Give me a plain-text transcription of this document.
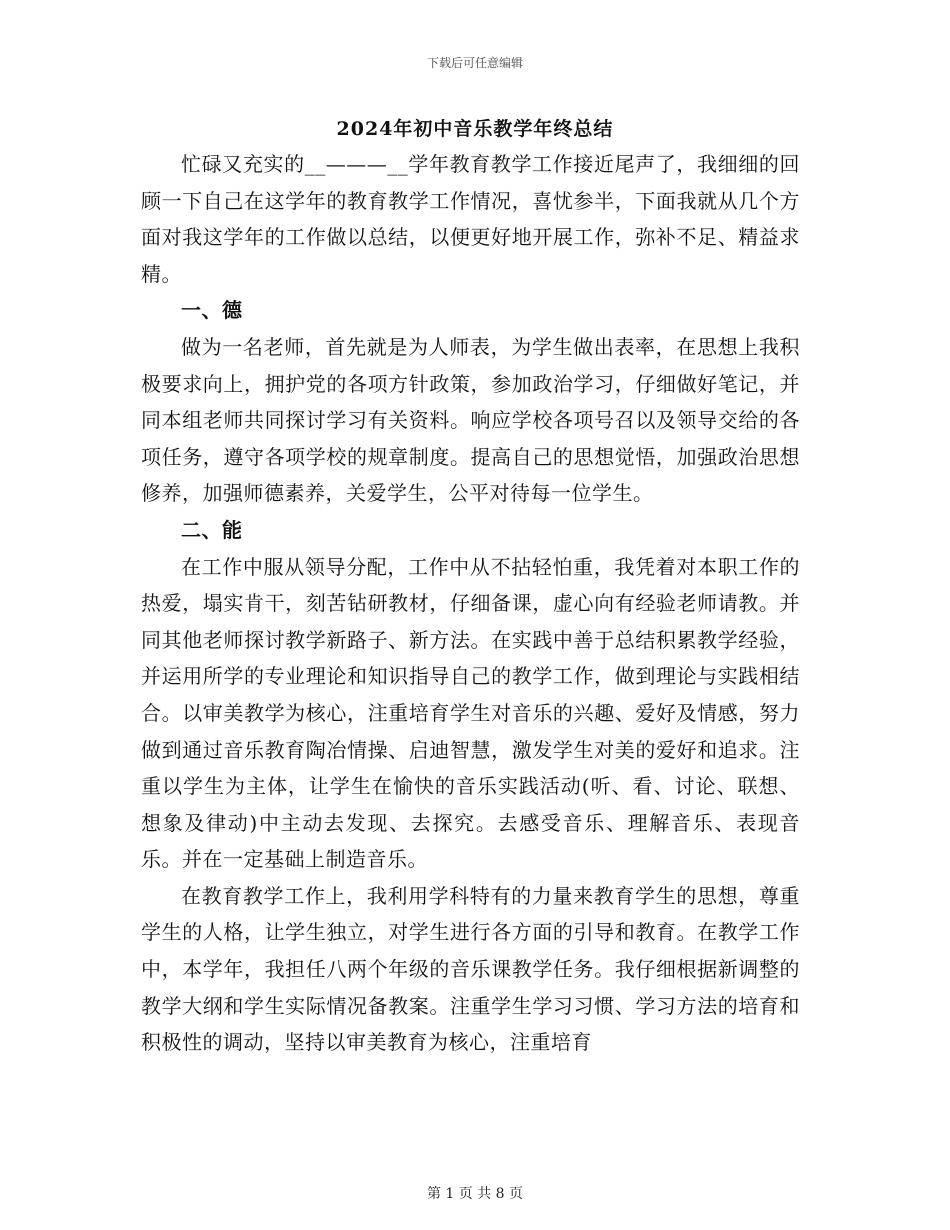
下载后可任意编辑
2024年初中音乐教学年终总结

忙碌又充实的__———__学年教育教学工作接近尾声了，我细细的回顾一下自己在这学年的教育教学工作情况，喜忧参半，下面我就从几个方面对我这学年的工作做以总结，以便更好地开展工作，弥补不足、精益求精。

一、德

做为一名老师，首先就是为人师表，为学生做出表率，在思想上我积极要求向上，拥护党的各项方针政策，参加政治学习，仔细做好笔记，并同本组老师共同探讨学习有关资料。响应学校各项号召以及领导交给的各项任务，遵守各项学校的规章制度。提高自己的思想觉悟，加强政治思想修养，加强师德素养，关爱学生，公平对待每一位学生。

二、能

在工作中服从领导分配，工作中从不拈轻怕重，我凭着对本职工作的热爱，塌实肯干，刻苦钻研教材，仔细备课，虚心向有经验老师请教。并同其他老师探讨教学新路子、新方法。在实践中善于总结积累教学经验，并运用所学的专业理论和知识指导自己的教学工作，做到理论与实践相结合。以审美教学为核心，注重培育学生对音乐的兴趣、爱好及情感，努力做到通过音乐教育陶冶情操、启迪智慧，激发学生对美的爱好和追求。注重以学生为主体，让学生在愉快的音乐实践活动(听、看、讨论、联想、想象及律动)中主动去发现、去探究。去感受音乐、理解音乐、表现音乐。并在一定基础上制造音乐。

在教育教学工作上，我利用学科特有的力量来教育学生的思想，尊重学生的人格，让学生独立，对学生进行各方面的引导和教育。在教学工作中，本学年，我担任八两个年级的音乐课教学任务。我仔细根据新调整的教学大纲和学生实际情况备教案。注重学生学习习惯、学习方法的培育和积极性的调动，坚持以审美教育为核心，注重培育

第 1 页 共 8 页
